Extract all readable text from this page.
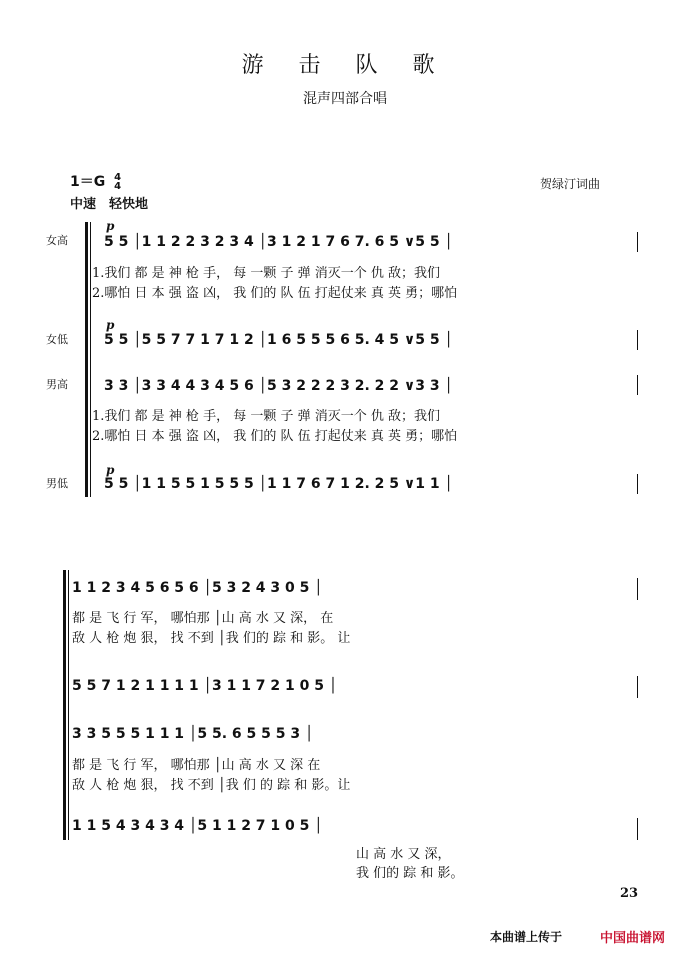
游 击 队 歌
混声四部合唱
1＝G 4
4
中速　轻快地
贺绿汀词曲
女高
女低
男高
男低
p
p
p
5 5 │1 1 2 2 3 2 3 4 │3 1 2 1 7 6 7. 6 5 ∨5 5 │
1.我们 都 是 神 枪 手， 每 一颗 子 弹 消灭一个 仇 敌；我们
2.哪怕 日 本 强 盗 凶， 我 们的 队 伍 打起仗来 真 英 勇；哪怕
5 5 │5 5 7 7 1 7 1 2 │1 6 5 5 5 6 5. 4 5 ∨5 5 │
3 3 │3 3 4 4 3 4 5 6 │5 3 2 2 2 3 2. 2 2 ∨3 3 │
1.我们 都 是 神 枪 手， 每 一颗 子 弹 消灭一个 仇 敌；我们
2.哪怕 日 本 强 盗 凶， 我 们的 队 伍 打起仗来 真 英 勇；哪怕
5 5 │1 1 5 5 1 5 5 5 │1 1 7 6 7 1 2. 2 5 ∨1 1 │
1 1 2 3 4 5 6 5 6 │5 3 2 4 3 0 5 │
都 是 飞 行 军， 哪怕那 │山 高 水 又 深， 在
敌 人 枪 炮 狠， 找 不到 │我 们的 踪 和 影。 让
5 5 7 1 2 1 1 1 1 │3 1 1 7 2 1 0 5 │
3 3 5 5 5 1 1 1 │5 5. 6 5 5 5 3 │
都 是 飞 行 军， 哪怕那 │山 高 水 又 深 在
敌 人 枪 炮 狠， 找 不到 │我 们 的 踪 和 影。让
1 1 5 4 3 4 3 4 │5 1 1 2 7 1 0 5 │
山 高 水 又 深，
我 们的 踪 和 影。
23
本曲谱上传于	中国曲谱网
